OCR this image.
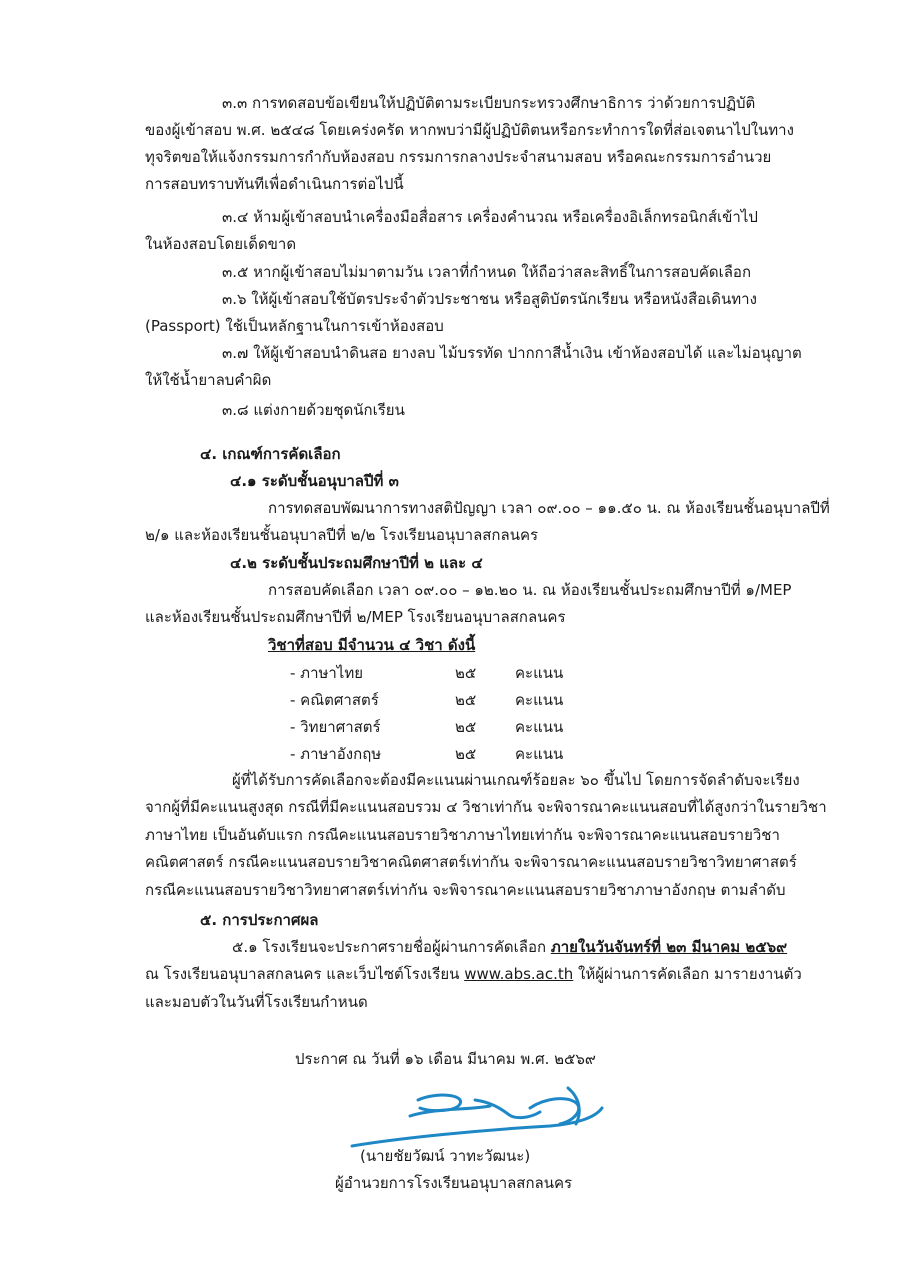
๓.๓ การทดสอบข้อเขียนให้ปฏิบัติตามระเบียบกระทรวงศึกษาธิการ ว่าด้วยการปฏิบัติ
ของผู้เข้าสอบ พ.ศ. ๒๕๔๘ โดยเคร่งครัด หากพบว่ามีผู้ปฏิบัติตนหรือกระทำการใดที่ส่อเจตนาไปในทาง
ทุจริตขอให้แจ้งกรรมการกำกับห้องสอบ กรรมการกลางประจำสนามสอบ หรือคณะกรรมการอำนวย
การสอบทราบทันทีเพื่อดำเนินการต่อไปนี้
๓.๔ ห้ามผู้เข้าสอบนำเครื่องมือสื่อสาร เครื่องคำนวณ หรือเครื่องอิเล็กทรอนิกส์เข้าไป
ในห้องสอบโดยเด็ดขาด
๓.๕ หากผู้เข้าสอบไม่มาตามวัน เวลาที่กำหนด ให้ถือว่าสละสิทธิ์ในการสอบคัดเลือก
๓.๖ ให้ผู้เข้าสอบใช้บัตรประจำตัวประชาชน หรือสูติบัตรนักเรียน หรือหนังสือเดินทาง
(Passport) ใช้เป็นหลักฐานในการเข้าห้องสอบ
๓.๗ ให้ผู้เข้าสอบนำดินสอ ยางลบ ไม้บรรทัด ปากกาสีน้ำเงิน เข้าห้องสอบได้ และไม่อนุญาต
ให้ใช้น้ำยาลบคำผิด
๓.๘ แต่งกายด้วยชุดนักเรียน
๔. เกณฑ์การคัดเลือก
๔.๑ ระดับชั้นอนุบาลปีที่ ๓
การทดสอบพัฒนาการทางสติปัญญา เวลา ๐๙.๐๐ – ๑๑.๕๐ น. ณ ห้องเรียนชั้นอนุบาลปีที่
๒/๑ และห้องเรียนชั้นอนุบาลปีที่ ๒/๒ โรงเรียนอนุบาลสกลนคร
๔.๒ ระดับชั้นประถมศึกษาปีที่ ๒ และ ๔
การสอบคัดเลือก เวลา ๐๙.๐๐ – ๑๒.๒๐ น. ณ ห้องเรียนชั้นประถมศึกษาปีที่ ๑/MEP
และห้องเรียนชั้นประถมศึกษาปีที่ ๒/MEP โรงเรียนอนุบาลสกลนคร
วิชาที่สอบ มีจำนวน ๔ วิชา ดังนี้
- ภาษาไทย	๒๕	คะแนน
- คณิตศาสตร์	๒๕	คะแนน
- วิทยาศาสตร์	๒๕	คะแนน
- ภาษาอังกฤษ	๒๕	คะแนน
ผู้ที่ได้รับการคัดเลือกจะต้องมีคะแนนผ่านเกณฑ์ร้อยละ ๖๐ ขึ้นไป โดยการจัดลำดับจะเรียง
จากผู้ที่มีคะแนนสูงสุด กรณีที่มีคะแนนสอบรวม ๔ วิชาเท่ากัน จะพิจารณาคะแนนสอบที่ได้สูงกว่าในรายวิชา
ภาษาไทย เป็นอันดับแรก กรณีคะแนนสอบรายวิชาภาษาไทยเท่ากัน จะพิจารณาคะแนนสอบรายวิชา
คณิตศาสตร์ กรณีคะแนนสอบรายวิชาคณิตศาสตร์เท่ากัน จะพิจารณาคะแนนสอบรายวิชาวิทยาศาสตร์
กรณีคะแนนสอบรายวิชาวิทยาศาสตร์เท่ากัน จะพิจารณาคะแนนสอบรายวิชาภาษาอังกฤษ ตามลำดับ
๕. การประกาศผล
๕.๑ โรงเรียนจะประกาศรายชื่อผู้ผ่านการคัดเลือก ภายในวันจันทร์ที่ ๒๓ มีนาคม ๒๕๖๙
ณ โรงเรียนอนุบาลสกลนคร และเว็บไซต์โรงเรียน www.abs.ac.th ให้ผู้ผ่านการคัดเลือก มารายงานตัว
และมอบตัวในวันที่โรงเรียนกำหนด
ประกาศ ณ วันที่ ๑๖ เดือน มีนาคม พ.ศ. ๒๕๖๙
(นายชัยวัฒน์ วาทะวัฒนะ)
ผู้อำนวยการโรงเรียนอนุบาลสกลนคร
